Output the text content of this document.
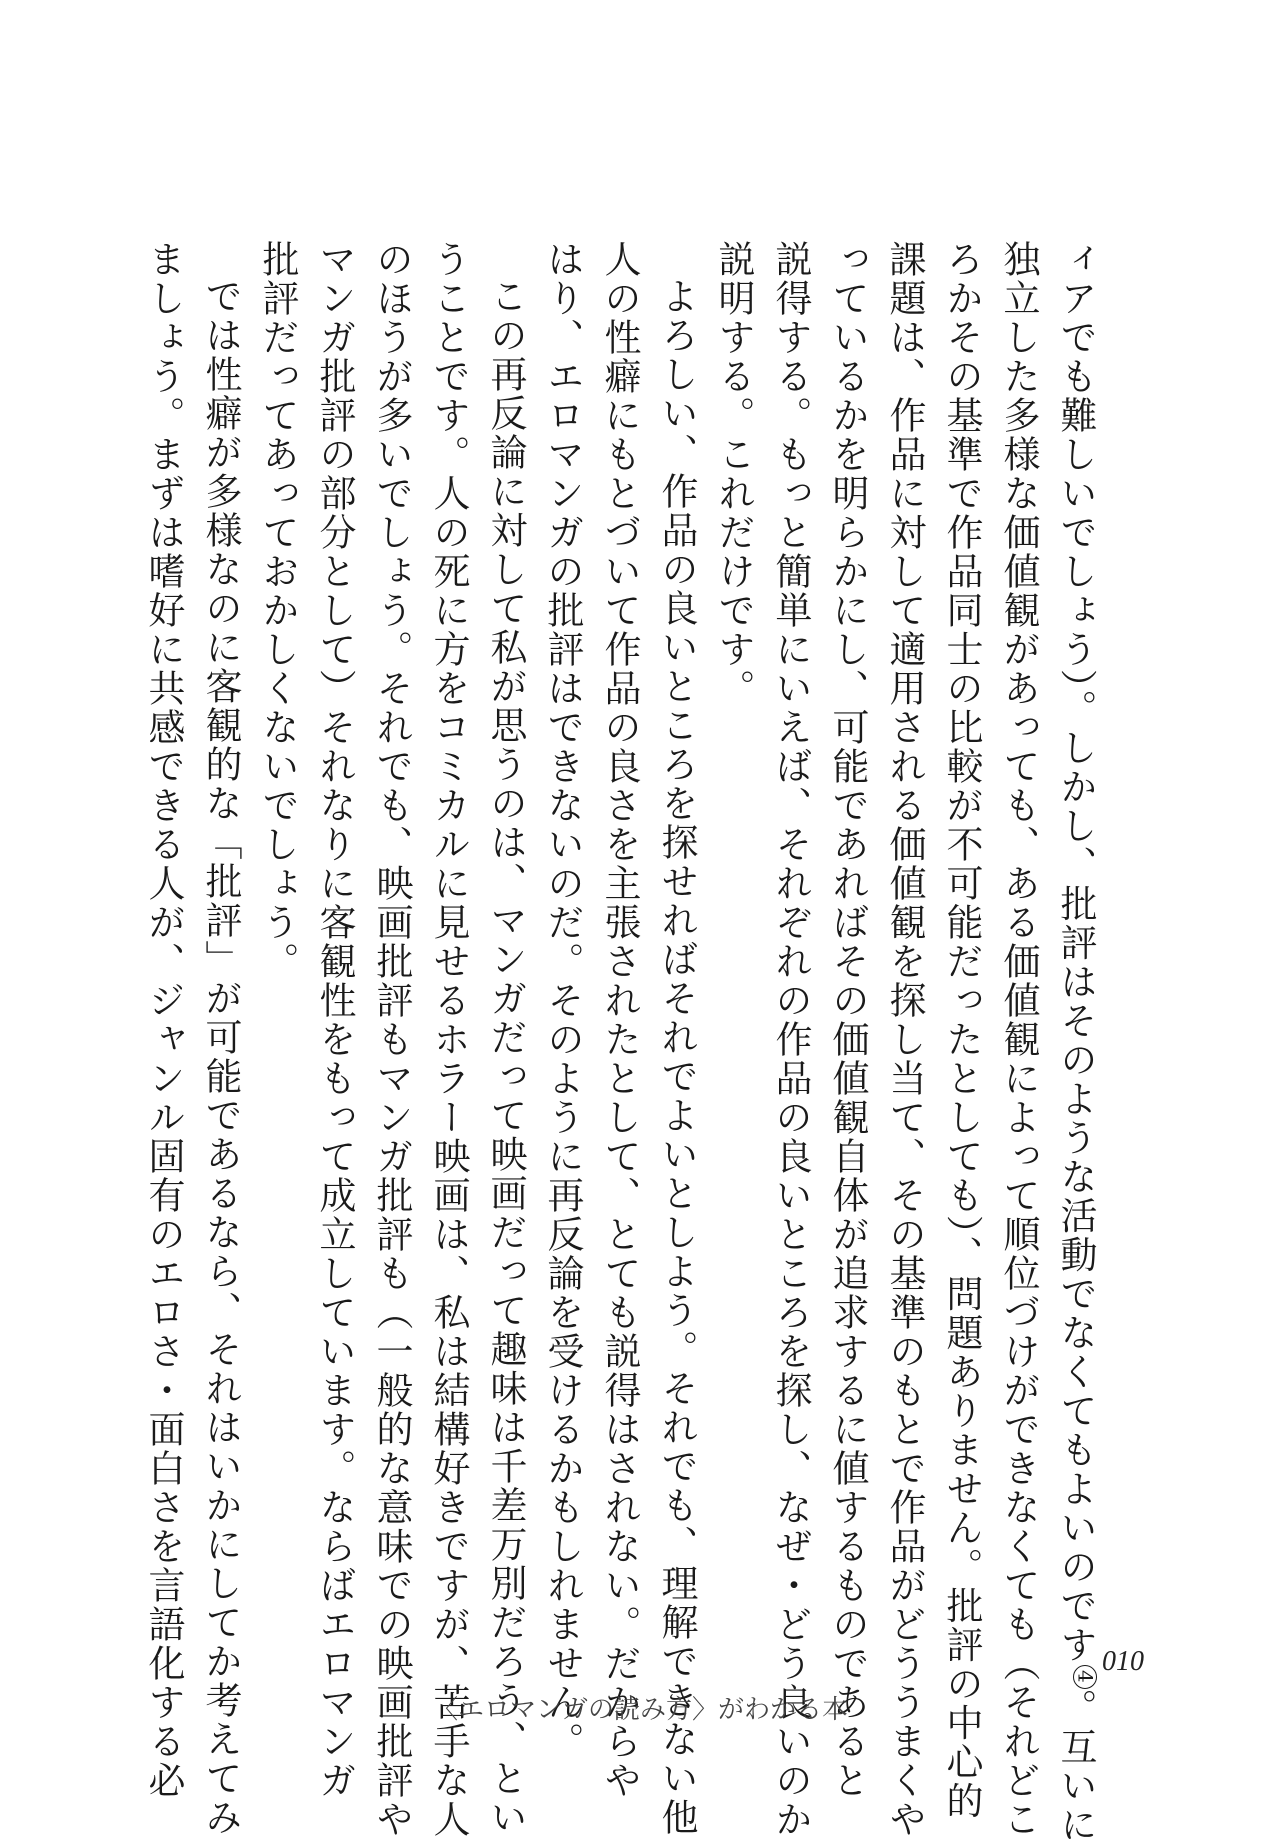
ィアでも難しいでしょう）。しかし、批評はそのような活動でなくてもよいのです4。互いに
独立した多様な価値観があっても、ある価値観によって順位づけができなくても（それどこ
ろかその基準で作品同士の比較が不可能だったとしても）、問題ありません。批評の中心的
課題は、作品に対して適用される価値観を探し当て、その基準のもとで作品がどううまくや
っているかを明らかにし、可能であればその価値観自体が追求するに値するものであると
説得する。もっと簡単にいえば、それぞれの作品の良いところを探し、なぜ・どう良いのか
説明する。これだけです。
よろしい、作品の良いところを探せればそれでよいとしよう。それでも、理解できない他
人の性癖にもとづいて作品の良さを主張されたとして、とても説得はされない。だからや
はり、エロマンガの批評はできないのだ。そのように再反論を受けるかもしれません。
この再反論に対して私が思うのは、マンガだって映画だって趣味は千差万別だろう、とい
うことです。人の死に方をコミカルに見せるホラー映画は、私は結構好きですが、苦手な人
のほうが多いでしょう。それでも、映画批評もマンガ批評も（一般的な意味での映画批評や
マンガ批評の部分として）それなりに客観性をもって成立しています。ならばエロマンガ
批評だってあっておかしくないでしょう。
では性癖が多様なのに客観的な「批評」が可能であるなら、それはいかにしてか考えてみ
ましょう。まずは嗜好に共感できる人が、ジャンル固有のエロさ・面白さを言語化する必	010

〈エロマンガの読み方〉がわかる本
